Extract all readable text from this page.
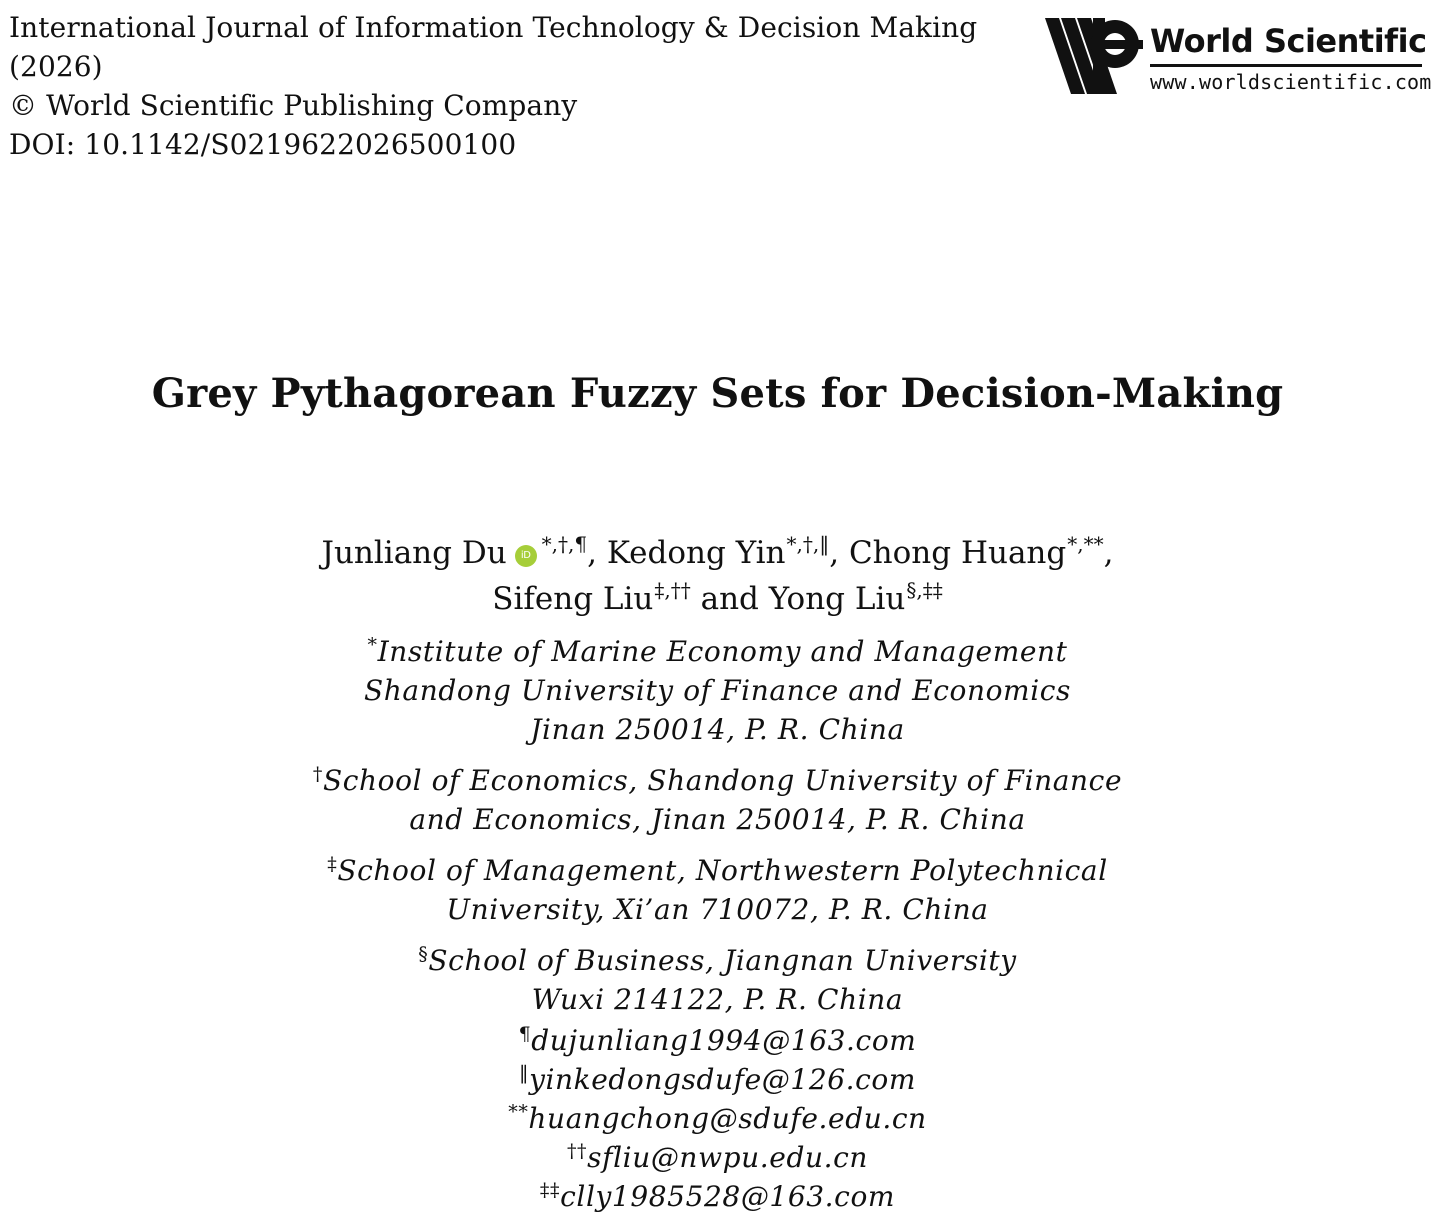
International Journal of Information Technology & Decision Making
(2026)
© World Scientific Publishing Company
DOI: 10.1142/S0219622026500100
World Scientific
www.worldscientific.com
Grey Pythagorean Fuzzy Sets for Decision-Making
Junliang Du iD *,†,¶, Kedong Yin*,†,‖, Chong Huang*,**,
Sifeng Liu‡,†† and Yong Liu§,‡‡
*Institute of Marine Economy and Management
Shandong University of Finance and Economics
Jinan 250014, P. R. China
†School of Economics, Shandong University of Finance
and Economics, Jinan 250014, P. R. China
‡School of Management, Northwestern Polytechnical
University, Xi’an 710072, P. R. China
§School of Business, Jiangnan University
Wuxi 214122, P. R. China
¶dujunliang1994@163.com
‖yinkedongsdufe@126.com
**huangchong@sdufe.edu.cn
††sfliu@nwpu.edu.cn
‡‡clly1985528@163.com
